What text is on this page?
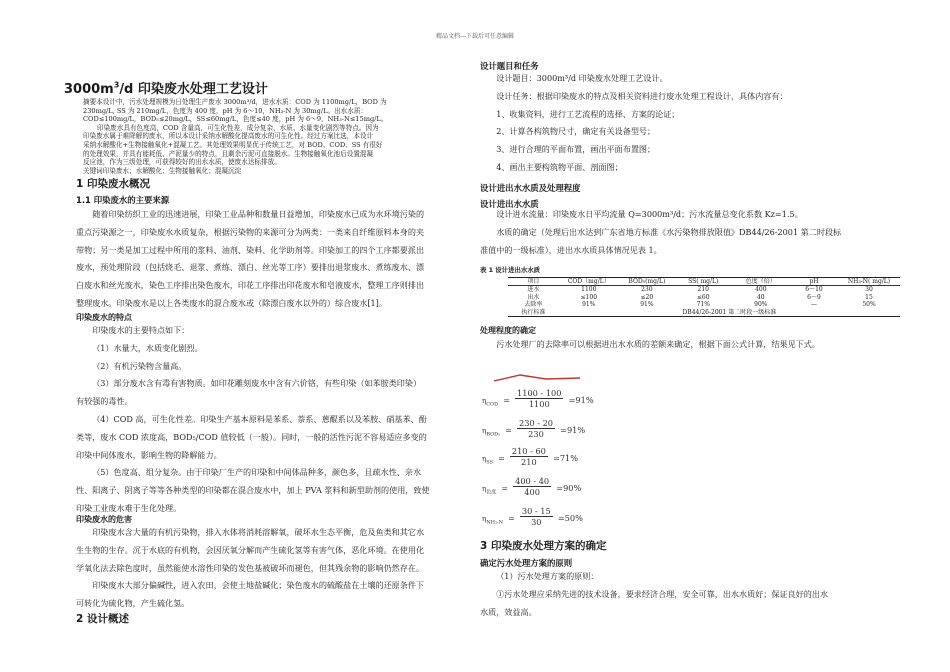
精品文档---下载后可任意编辑
$3000m^3/d$ 印染废水处理工艺设计
摘要本设计中，污水处理规模为日处理生产废水 3000m³/d，进水水质：COD 为 1100mg/L，BOD 为
230mg/L, SS 为 210mg/L，色度为 400 度，pH 为 6～10，NH₃-N 为 30mg/L。出水水质：
COD≤100mg/L，BOD₅≤20mg/L，SS≤60mg/L，色度≤40 度，pH 为 6～9，NH₃-N≤15mg/L。
印染废水具有色度高，COD 含量高，可生化性差，成分复杂，水质、水量变化剧烈等特点。因为
印染废水属于难降解的废水，所以本设计采纳水解酸化提高废水的可生化性。经过方案比选，本设计
采纳水解酸化+生物接触氧化+混凝工艺。其处理效果明显优于传统工艺，对 BOD、COD、SS 有很好
的处理效果，并具有能耗低、产泥量少的特点，且剩余污泥可直接脱水。生物接触氧化池后设置混凝
反应池，作为三级处理，可获得较好的出水水质，使废水达标排放。
关键词印染废水；水解酸化；生物接触氧化；混凝沉淀
1 印染废水概况
1.1 印染废水的主要来源

随着印染纺织工业的迅速进展，印染工业品种和数量日益增加，印染废水已成为水环境污染的

重点污染源之一，印染废水水质复杂，根据污染物的来源可分为两类：一类来自纤维原料本身的夹

带物；另一类是加工过程中所用的浆料、油剂、染料、化学助剂等。印染加工的四个工序都要派出

废水，预处理阶段（包括烧毛、退浆、煮练、漂白、丝光等工序）要排出退浆废水、煮练废水、漂

白废水和丝光废水，染色工序排出染色废水，印花工序排出印花废水和皂液废水，整理工序则排出

整理废水。印染废水是以上各类废水的混合废水或（除漂白废水以外的）综合废水[1]。

印染废水的特点

印染废水的主要特点如下：

（1）水量大，水质变化剧烈。

（2）有机污染物含量高。

（3）部分废水含有毒有害物质。如印花雕刻废水中含有六价铬，有些印染（如苯胺类印染）

有较强的毒性。

（4）COD 高，可生化性差。印染生产基本原料是苯系、萘系、蒽醌系以及苯胺、硝基苯、酚

类等，废水 COD 浓度高，BOD₅/COD 值较低（一般）。同时，一般的活性污泥不容易适应多变的

印染中间体废水，影响生物的降解能力。

（5）色度高、组分复杂。由于印染厂生产的印染和中间体品种多，颜色多，且疏水性、亲水

性、阳离子、阴离子等等各种类型的印染都在混合废水中，加上 PVA 浆料和新型助剂的使用，致使

印染工业废水难于生化处理。

印染废水的危害

印染废水含大量的有机污染物，排入水体将消耗溶解氧，破坏水生态平衡，危及鱼类和其它水

生生物的生存。沉于水底的有机物，会因厌氧分解而产生硫化氢等有害气体，恶化环境。在使用化

学氧化法去除色度时，虽然能使水溶性印染的发色基被破坏而褪色，但其残余物的影响仍然存在。

印染废水大部分偏碱性，进入农田，会使土地盐碱化；染色废水的硫酸盐在土壤的还原条件下

可转化为硫化物，产生硫化氢。

2 设计概述
设计题目和任务

设计题目：3000m³/d 印染废水处理工艺设计。

设计任务：根据印染废水的特点及相关资料进行废水处理工程设计，具体内容有：

1、收集资料，进行工艺流程的选择、方案的论证；

2、计算各构筑物尺寸，确定有关设备型号；

3、进行合理的平面布置，画出平面布置图；

4、画出主要构筑物平面、剖面图；

设计进出水水质及处理程度
设计进出水水质

设计进水流量：印染废水日平均流量 Q=3000m³/d；污水流量总变化系数 Kz=1.5。

水质的确定（处理后出水达到广东省地方标准《水污染物排放限值》DB44/26-2001 第二时段标

准值中的一级标准），进出水水质具体情况见表 1。

表 1 设计进出水水质
项目	COD（mg/L）	BOD₅(mg/L)	SS( mg/L)	色度（倍）	pH	NH₃-N( mg/L)
进水	1100	230	210	400	6～10	30
出水	≤100	≤20	≤60	40	6～9	15
去除率	91%	91%	71%	90%	—	50%
执行标准	DB44/26-2001 第二时段一级标准					
处理程度的确定

污水处理厂的去除率可以根据进出水水质的差额来确定，根据下面公式计算，结果见下式。

$\eta_{COD} = \frac{1100 - 100}{1100} =91\%$
$\eta_{BOD_5} = \frac{230 - 20}{230} =91\%$
$\eta_{SS} = \frac{210 - 60}{210} =71\%$
$\eta_{色度} = \frac{400 - 40}{400} =90\%$
$\eta_{NH_3-N} = \frac{30 - 15}{30} =50\%$
3 印染废水处理方案的确定
确定污水处理方案的原则

（1）污水处理方案的原则：

①污水处理应采纳先进的技术设备，要求经济合理，安全可靠，出水水质好；保证良好的出水

水质，效益高。
